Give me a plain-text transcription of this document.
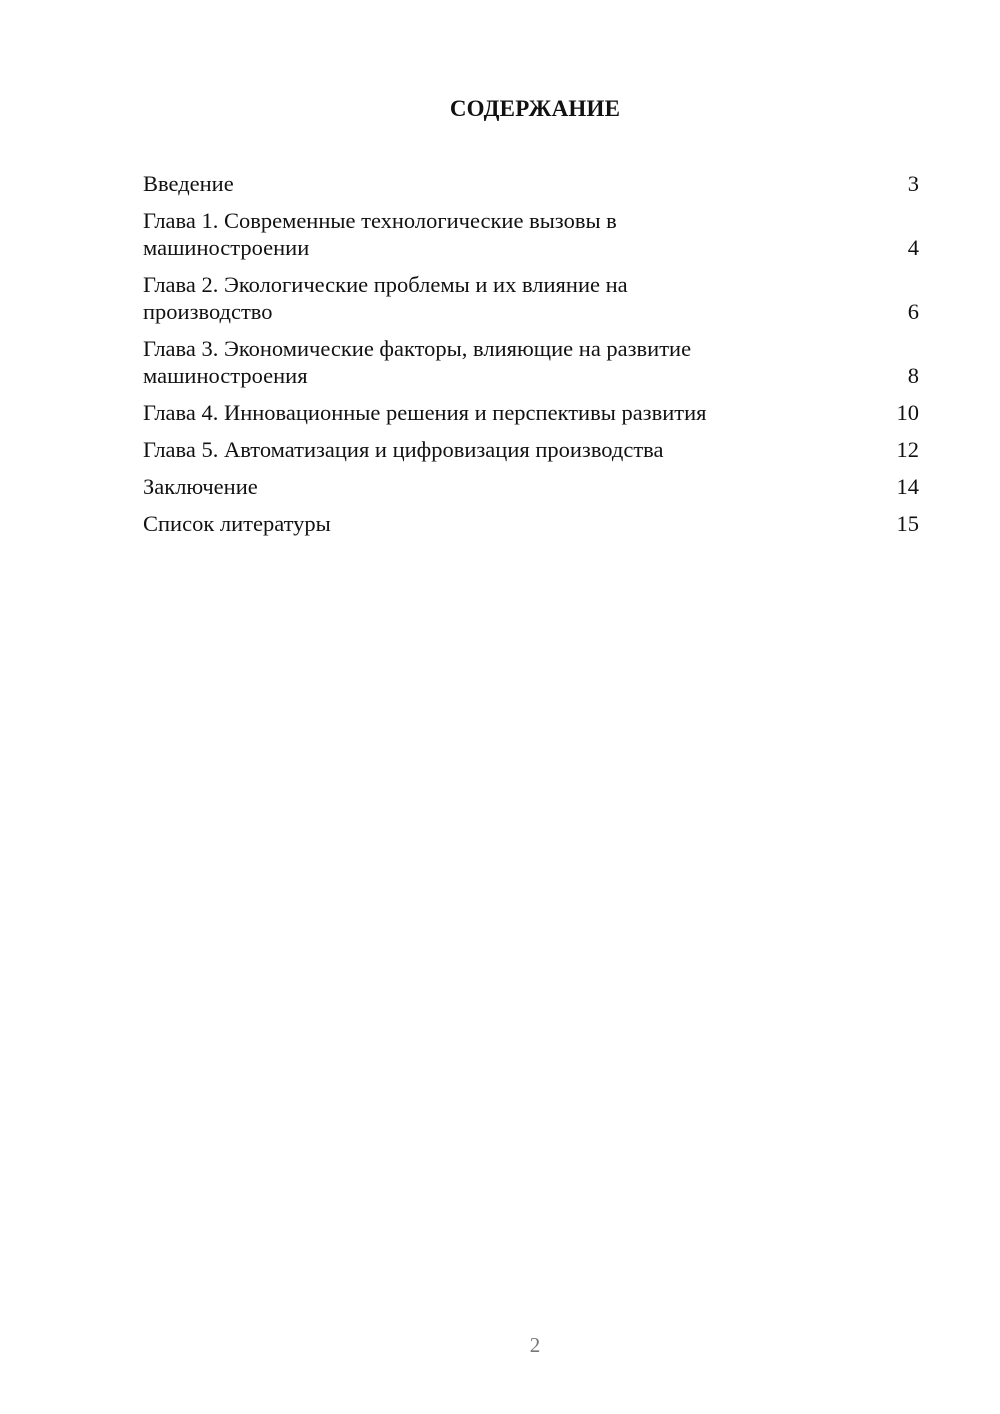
СОДЕРЖАНИЕ
Введение	3
Глава 1. Современные технологические вызовы в
машиностроении	4
Глава 2. Экологические проблемы и их влияние на
производство	6
Глава 3. Экономические факторы, влияющие на развитие
машиностроения	8
Глава 4. Инновационные решения и перспективы развития	10
Глава 5. Автоматизация и цифровизация производства	12
Заключение	14
Список литературы	15
2
